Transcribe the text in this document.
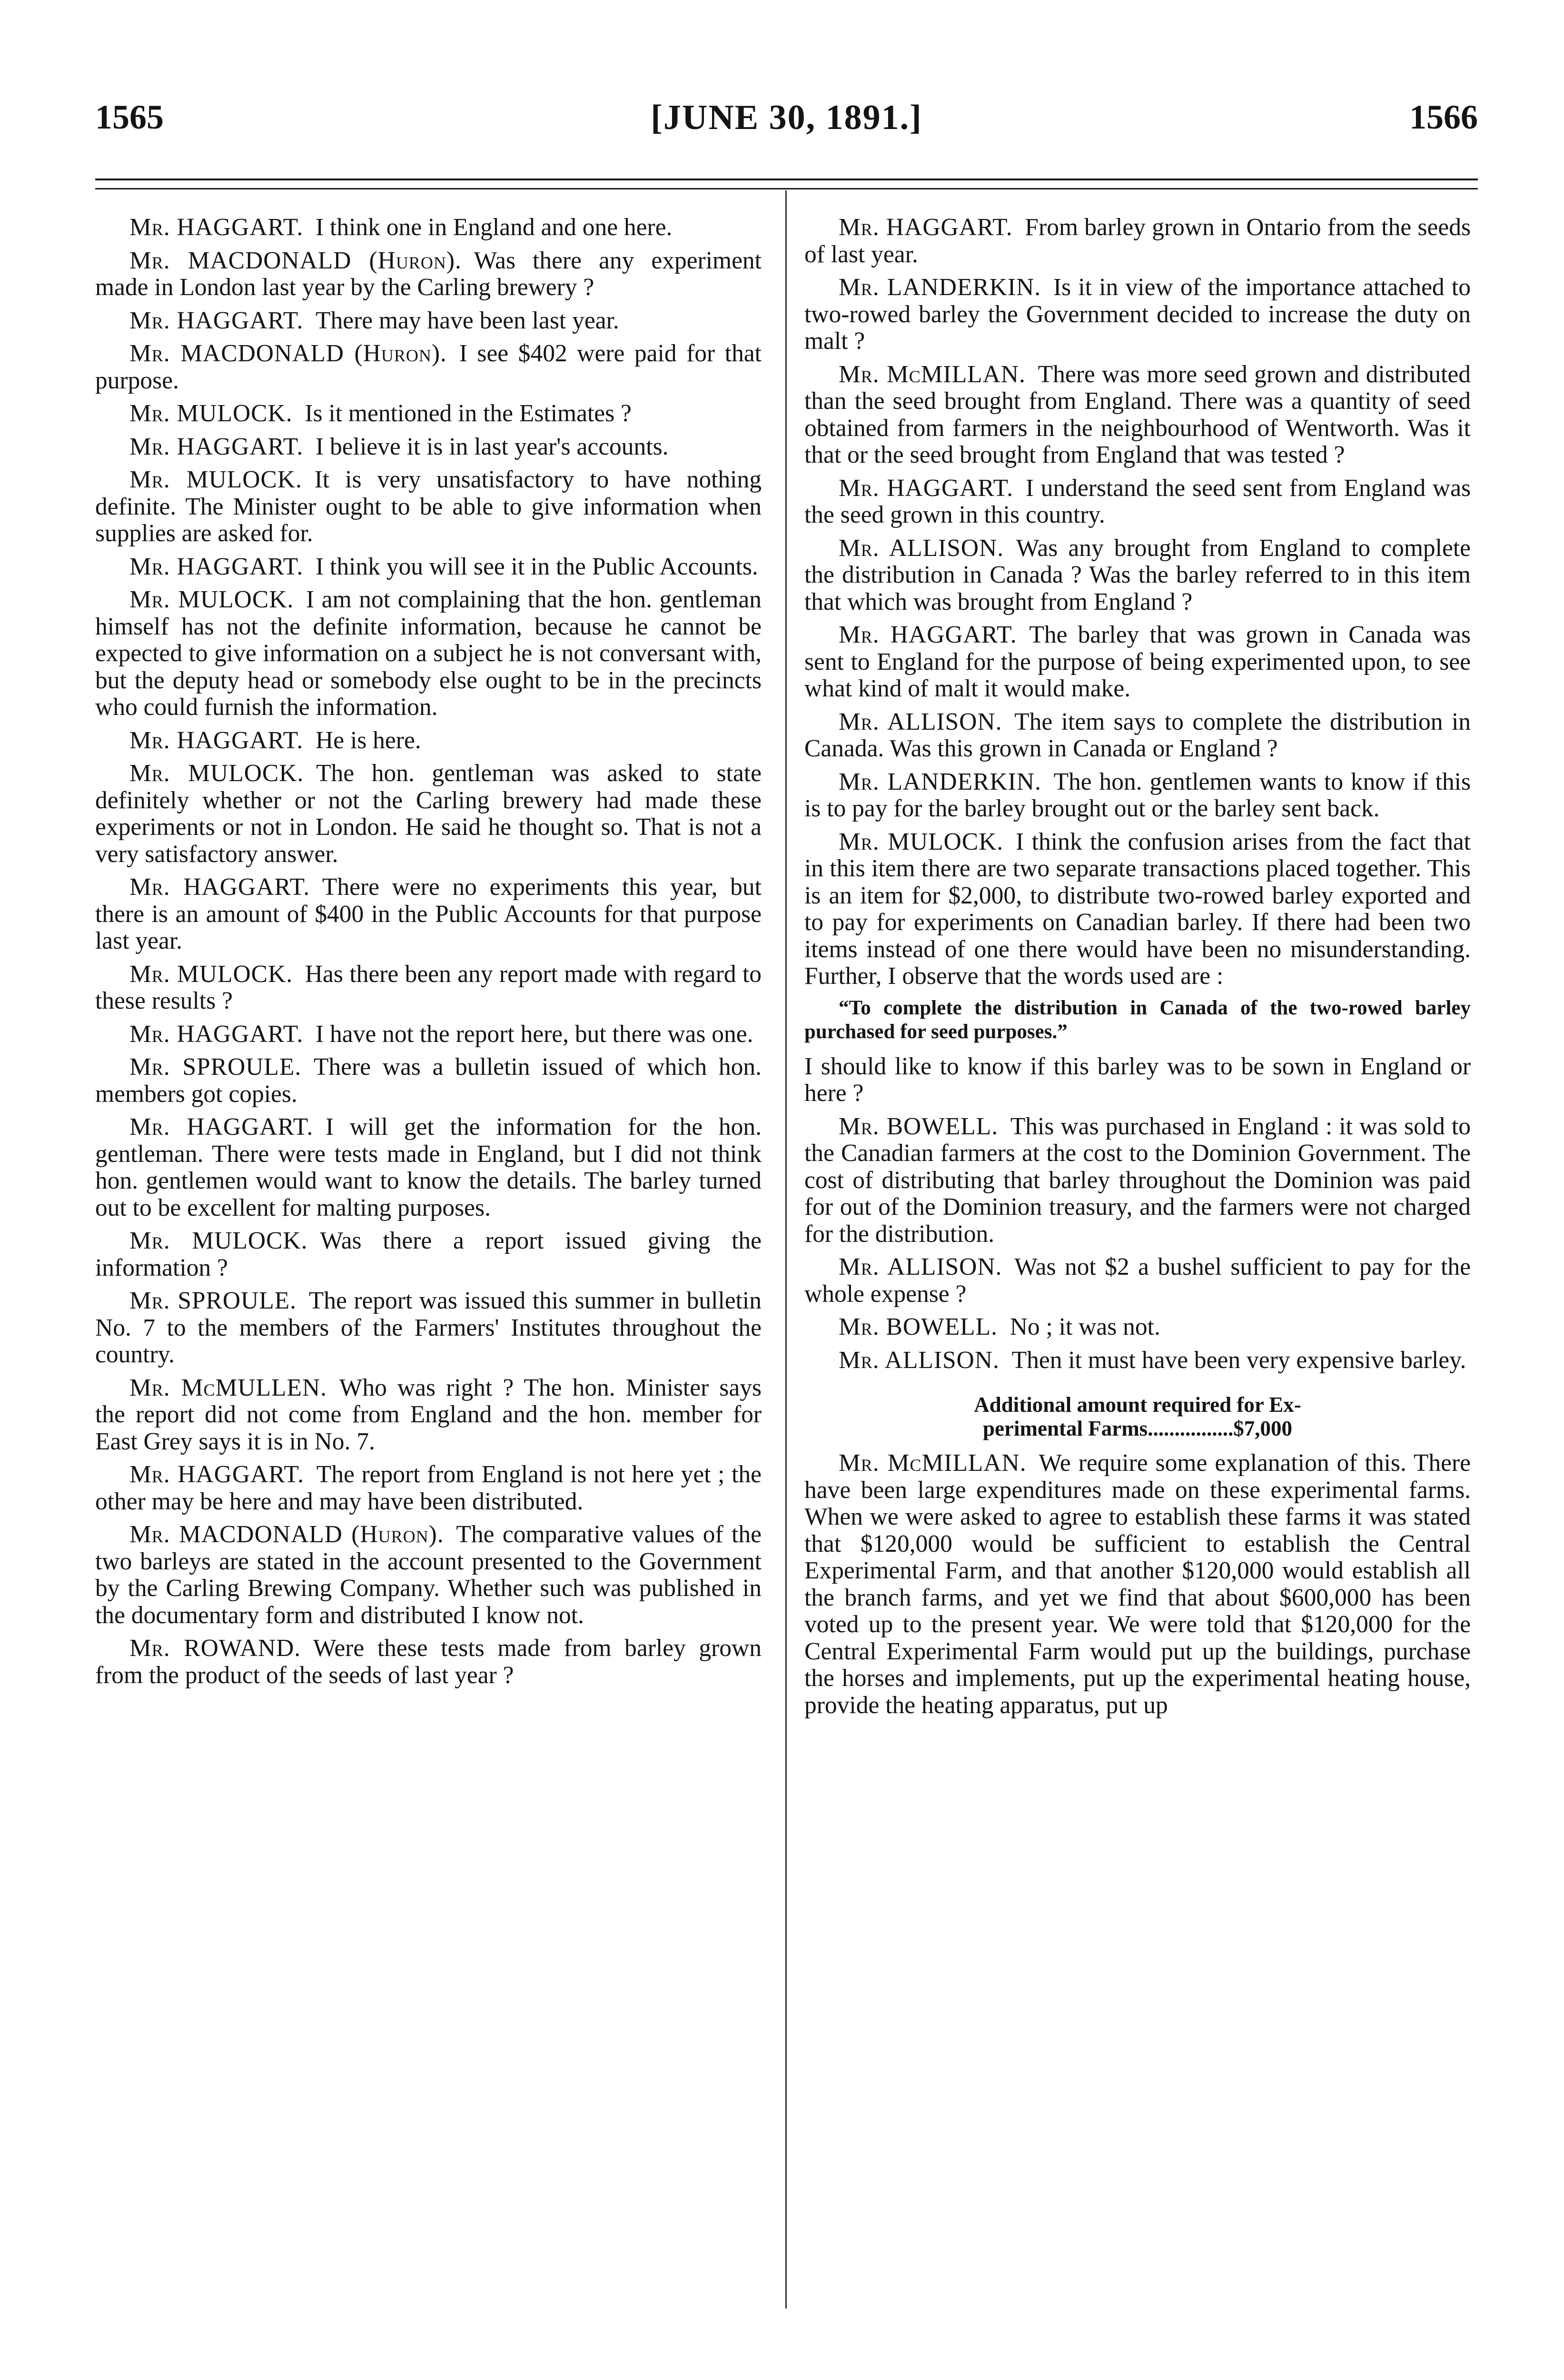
1565	[JUNE 30, 1891.]	1566

Mr. HAGGART.  I think one in England and one here.

Mr. MACDONALD (Huron).  Was there any experiment made in London last year by the Carling brewery ?

Mr. HAGGART.  There may have been last year.

Mr. MACDONALD (Huron).  I see $402 were paid for that purpose.

Mr. MULOCK.  Is it mentioned in the Estimates ?

Mr. HAGGART.  I believe it is in last year's accounts.

Mr. MULOCK.  It is very unsatisfactory to have nothing definite. The Minister ought to be able to give information when supplies are asked for.

Mr. HAGGART.  I think you will see it in the Public Accounts.

Mr. MULOCK.  I am not complaining that the hon. gentleman himself has not the definite information, because he cannot be expected to give information on a subject he is not conversant with, but the deputy head or somebody else ought to be in the precincts who could furnish the information.

Mr. HAGGART.  He is here.

Mr. MULOCK.  The hon. gentleman was asked to state definitely whether or not the Carling brewery had made these experiments or not in London. He said he thought so. That is not a very satisfactory answer.

Mr. HAGGART.  There were no experiments this year, but there is an amount of $400 in the Public Accounts for that purpose last year.

Mr. MULOCK.  Has there been any report made with regard to these results ?

Mr. HAGGART.  I have not the report here, but there was one.

Mr. SPROULE.  There was a bulletin issued of which hon. members got copies.

Mr. HAGGART.  I will get the information for the hon. gentleman. There were tests made in England, but I did not think hon. gentlemen would want to know the details. The barley turned out to be excellent for malting purposes.

Mr. MULOCK.  Was there a report issued giving the information ?

Mr. SPROULE.  The report was issued this summer in bulletin No. 7 to the members of the Farmers' Institutes throughout the country.

Mr. McMULLEN.  Who was right ? The hon. Minister says the report did not come from England and the hon. member for East Grey says it is in No. 7.

Mr. HAGGART.  The report from England is not here yet ; the other may be here and may have been distributed.

Mr. MACDONALD (Huron).  The comparative values of the two barleys are stated in the account presented to the Government by the Carling Brewing Company. Whether such was published in the documentary form and distributed I know not.

Mr. ROWAND.  Were these tests made from barley grown from the product of the seeds of last year ?

Mr. HAGGART.  From barley grown in Ontario from the seeds of last year.

Mr. LANDERKIN.  Is it in view of the importance attached to two-rowed barley the Government decided to increase the duty on malt ?

Mr. McMILLAN.  There was more seed grown and distributed than the seed brought from England. There was a quantity of seed obtained from farmers in the neighbourhood of Wentworth. Was it that or the seed brought from England that was tested ?

Mr. HAGGART.  I understand the seed sent from England was the seed grown in this country.

Mr. ALLISON.  Was any brought from England to complete the distribution in Canada ? Was the barley referred to in this item that which was brought from England ?

Mr. HAGGART.  The barley that was grown in Canada was sent to England for the purpose of being experimented upon, to see what kind of malt it would make.

Mr. ALLISON.  The item says to complete the distribution in Canada. Was this grown in Canada or England ?

Mr. LANDERKIN.  The hon. gentlemen wants to know if this is to pay for the barley brought out or the barley sent back.

Mr. MULOCK.  I think the confusion arises from the fact that in this item there are two separate transactions placed together. This is an item for $2,000, to distribute two-rowed barley exported and to pay for experiments on Canadian barley. If there had been two items instead of one there would have been no misunderstanding. Further, I observe that the words used are :

“To complete the distribution in Canada of the two-rowed barley purchased for seed purposes.”

I should like to know if this barley was to be sown in England or here ?

Mr. BOWELL.  This was purchased in England : it was sold to the Canadian farmers at the cost to the Dominion Government. The cost of distributing that barley throughout the Dominion was paid for out of the Dominion treasury, and the farmers were not charged for the distribution.

Mr. ALLISON.  Was not $2 a bushel sufficient to pay for the whole expense ?

Mr. BOWELL.  No ; it was not.

Mr. ALLISON.  Then it must have been very expensive barley.

Additional amount required for Ex-
perimental Farms................$7,000

Mr. McMILLAN.  We require some explanation of this. There have been large expenditures made on these experimental farms. When we were asked to agree to establish these farms it was stated that $120,000 would be sufficient to establish the Central Experimental Farm, and that another $120,000 would establish all the branch farms, and yet we find that about $600,000 has been voted up to the present year. We were told that $120,000 for the Central Experimental Farm would put up the buildings, purchase the horses and implements, put up the experimental heating house, provide the heating apparatus, put up
